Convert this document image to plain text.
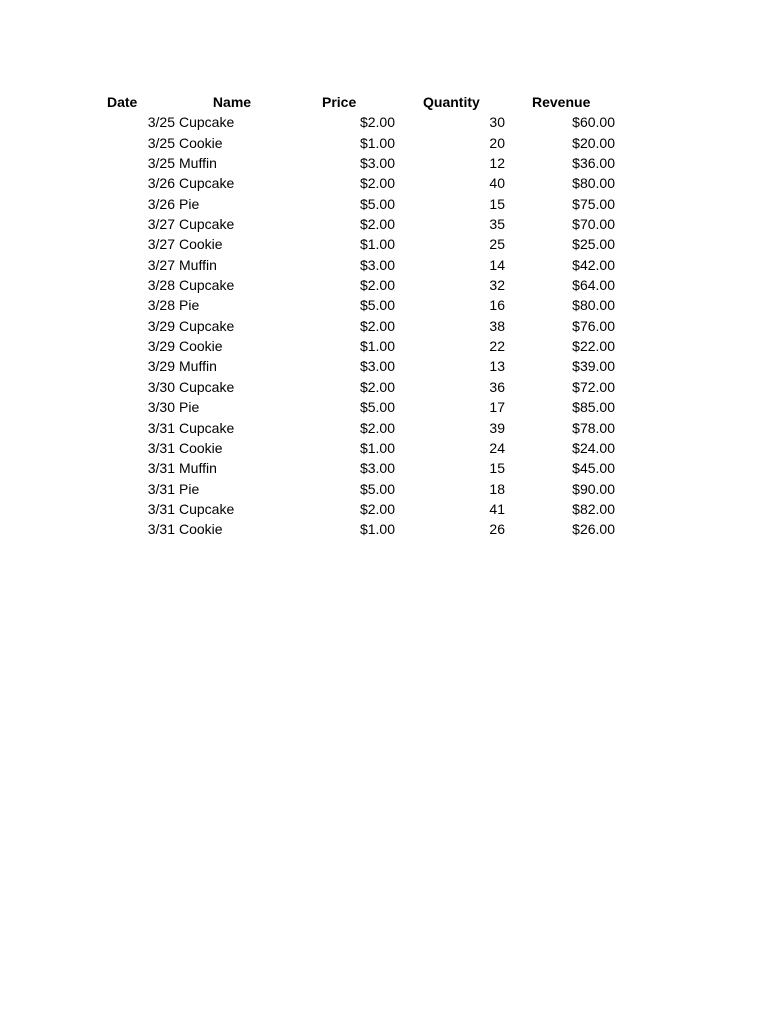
Date	Name	Price	Quantity	Revenue
3/25 Cupcake	$2.00	30	$60.00
3/25 Cookie	$1.00	20	$20.00
3/25 Muffin	$3.00	12	$36.00
3/26 Cupcake	$2.00	40	$80.00
3/26 Pie	$5.00	15	$75.00
3/27 Cupcake	$2.00	35	$70.00
3/27 Cookie	$1.00	25	$25.00
3/27 Muffin	$3.00	14	$42.00
3/28 Cupcake	$2.00	32	$64.00
3/28 Pie	$5.00	16	$80.00
3/29 Cupcake	$2.00	38	$76.00
3/29 Cookie	$1.00	22	$22.00
3/29 Muffin	$3.00	13	$39.00
3/30 Cupcake	$2.00	36	$72.00
3/30 Pie	$5.00	17	$85.00
3/31 Cupcake	$2.00	39	$78.00
3/31 Cookie	$1.00	24	$24.00
3/31 Muffin	$3.00	15	$45.00
3/31 Pie	$5.00	18	$90.00
3/31 Cupcake	$2.00	41	$82.00
3/31 Cookie	$1.00	26	$26.00
